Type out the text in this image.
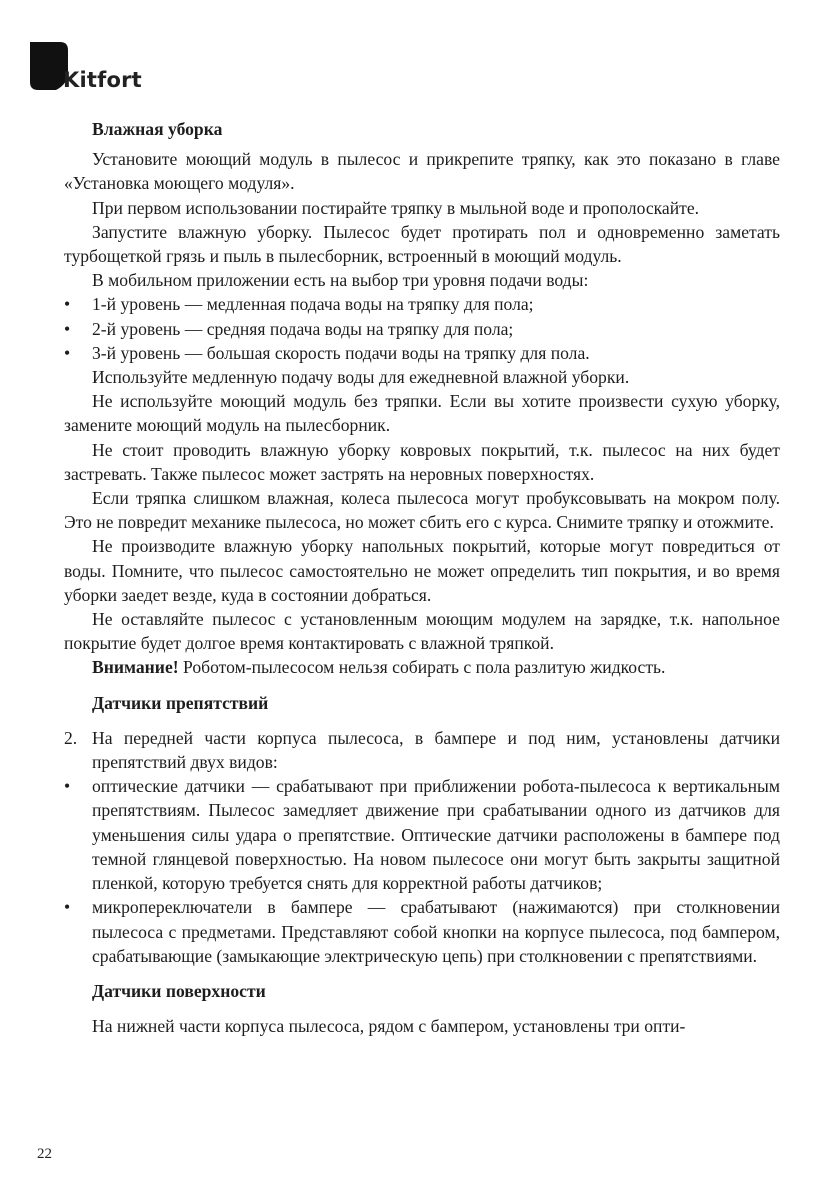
Kitfort
Влажная уборка

Установите моющий модуль в пылесос и прикрепите тряпку, как это показано в главе «Установка моющего модуля».

При первом использовании постирайте тряпку в мыльной воде и прополоскайте.

Запустите влажную уборку. Пылесос будет протирать пол и одновременно заметать турбощеткой грязь и пыль в пылесборник, встроенный в моющий модуль.

В мобильном приложении есть на выбор три уровня подачи воды:

• 1-й уровень — медленная подача воды на тряпку для пола;
• 2-й уровень — средняя подача воды на тряпку для пола;
• 3-й уровень — большая скорость подачи воды на тряпку для пола.

Используйте медленную подачу воды для ежедневной влажной уборки.

Не используйте моющий модуль без тряпки. Если вы хотите произвести сухую уборку, замените моющий модуль на пылесборник.

Не стоит проводить влажную уборку ковровых покрытий, т.к. пылесос на них будет застревать. Также пылесос может застрять на неровных поверхностях.

Если тряпка слишком влажная, колеса пылесоса могут пробуксовывать на мокром полу. Это не повредит механике пылесоса, но может сбить его с курса. Снимите тряпку и отожмите.

Не производите влажную уборку напольных покрытий, которые могут повредиться от воды. Помните, что пылесос самостоятельно не может определить тип покрытия, и во время уборки заедет везде, куда в состоянии добраться.

Не оставляйте пылесос с установленным моющим модулем на зарядке, т.к. напольное покрытие будет долгое время контактировать с влажной тряпкой.

Внимание! Роботом-пылесосом нельзя собирать с пола разлитую жидкость.

Датчики препятствий
2. На передней части корпуса пылесоса, в бампере и под ним, установлены датчики препятствий двух видов:
• оптические датчики — срабатывают при приближении робота-пылесоса к вертикальным препятствиям. Пылесос замедляет движение при срабатывании одного из датчиков для уменьшения силы удара о препятствие. Оптические датчики расположены в бампере под темной глянцевой поверхностью. На новом пылесосе они могут быть закрыты защитной пленкой, которую требуется снять для корректной работы датчиков;
• микропереключатели в бампере — срабатывают (нажимаются) при столкновении пылесоса с предметами. Представляют собой кнопки на корпусе пылесоса, под бампером, срабатывающие (замыкающие электрическую цепь) при столкновении с препятствиями.
Датчики поверхности

На нижней части корпуса пылесоса, рядом с бампером, установлены три опти-

22
